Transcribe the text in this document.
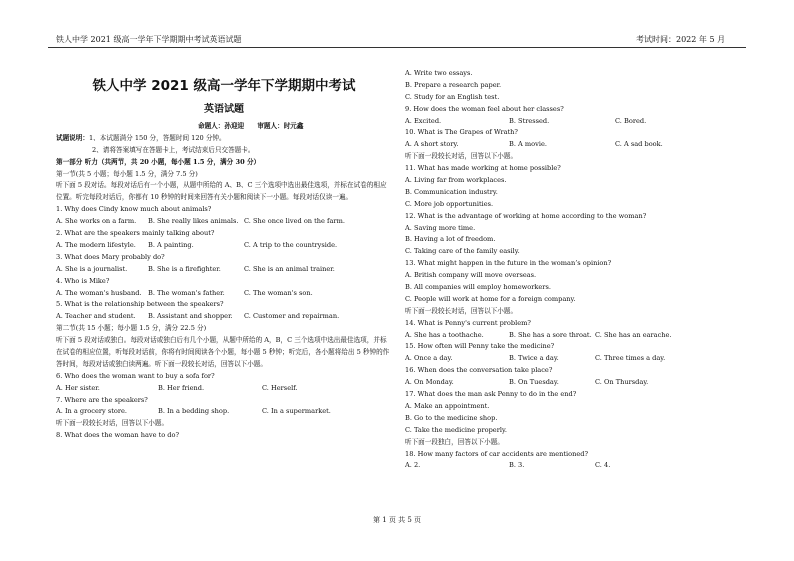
铁人中学 2021 级高一学年下学期期中考试英语试题	考试时间：2022 年 5 月
铁人中学 2021 级高一学年下学期期中考试
英语试题
命题人：孙迎迎　　审题人：时元鑫
试题说明：1、本试题满分 150 分，答题时间 120 分钟。
2、请将答案填写在答题卡上，考试结束后只交答题卡。
第一部分 听力（共两节，共 20 小题，每小题 1.5 分，满分 30 分）
第一节(共 5 小题；每小题 1.5 分，满分 7.5 分)
听下面 5 段对话。每段对话后有一个小题，从题中所给的 A、B、C 三个选项中选出最佳选项，并标在试卷的相应位置。听完每段对话后，你都有 10 秒钟的时间来回答有关小题和阅读下一小题。每段对话仅读一遍。
1. Why does Cindy know much about animals?
A. She works on a farm. B. She really likes animals. C. She once lived on the farm.
2. What are the speakers mainly talking about?
A. The modern lifestyle. B. A painting.	C. A trip to the countryside.
3. What does Mary probably do?
A. She is a journalist.	B. She is a firefighter.	C. She is an animal trainer.
4. Who is Mike?
A. The woman's husband. B. The woman's father.	C. The woman's son.
5. What is the relationship between the speakers?
A. Teacher and student. B. Assistant and shopper. C. Customer and repairman.
第二节(共 15 小题；每小题 1.5 分，满分 22.5 分)
听下面 5 段对话或独白。每段对话或独白后有几个小题，从题中所给的 A，B，C 三个选项中选出最佳选项，并标在试卷的相应位置，听每段对话前，你将有时间阅读各个小题，每小题 5 秒钟；听完后，各小题将给出 5 秒钟的作答时间，每段对话或独白读两遍。听下面一段较长对话，回答以下小题。
6. Who does the woman want to buy a sofa for?
A. Her sister.	B. Her friend.	C. Herself.
7. Where are the speakers?
A. In a grocery store.	B. In a bedding shop.	C. In a supermarket.
听下面一段较长对话，回答以下小题。
8. What does the woman have to do?
A. Write two essays.
B. Prepare a research paper.
C. Study for an English test.
9. How does the woman feel about her classes?
A. Excited.	B. Stressed.	C. Bored.
10. What is The Grapes of Wrath?
A. A short story.	B. A movie.	C. A sad book.
听下面一段较长对话，回答以下小题。
11. What has made working at home possible?
A. Living far from workplaces.
B. Communication industry.
C. More job opportunities.
12. What is the advantage of working at home according to the woman?
A. Saving more time.
B. Having a lot of freedom.
C. Taking care of the family easily.
13. What might happen in the future in the woman’s opinion?
A. British company will move overseas.
B. All companies will employ homeworkers.
C. People will work at home for a foreign company.
听下面一段较长对话，回答以下小题。
14. What is Penny's current problem?
A. She has a toothache.	B. She has a sore throat. C. She has an earache.
15. How often will Penny take the medicine?
A. Once a day.	B. Twice a day.	C. Three times a day.
16. When does the conversation take place?
A. On Monday.	B. On Tuesday.	C. On Thursday.
17. What does the man ask Penny to do in the end?
A. Make an appointment.
B. Go to the medicine shop.
C. Take the medicine properly.
听下面一段独白，回答以下小题。
18. How many factors of car accidents are mentioned?
A. 2.	B. 3.	C. 4.
第 1 页 共 5 页
